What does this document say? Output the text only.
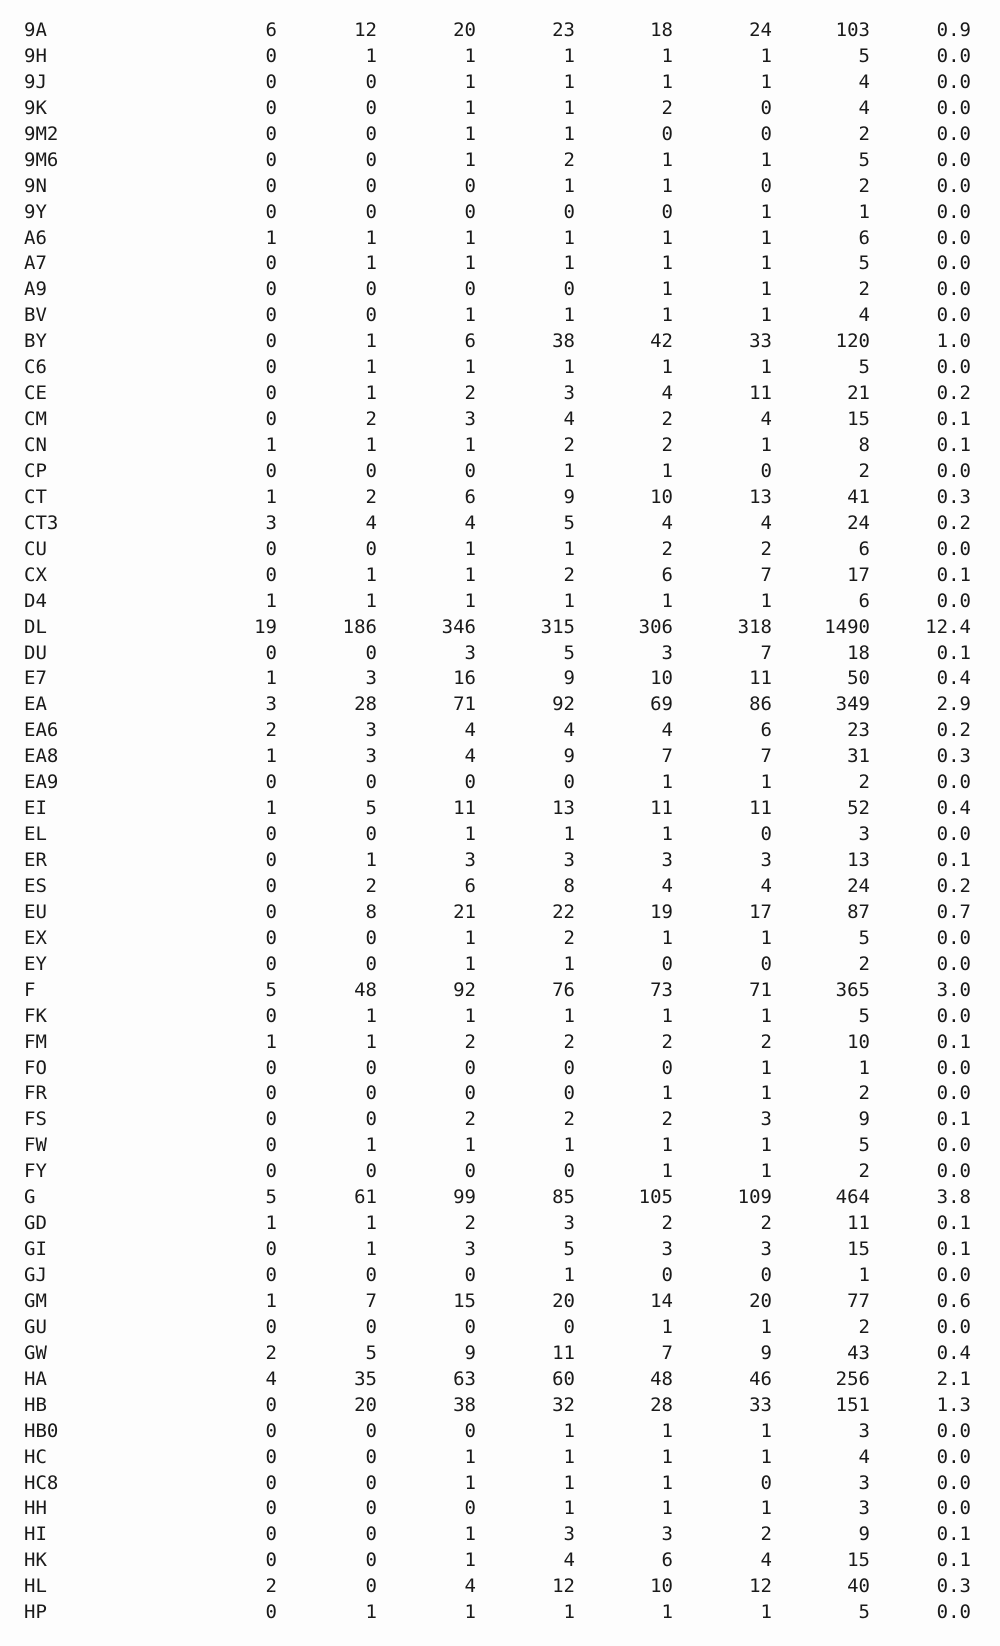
	9A	6	12	20	23	18	24	103	0.9
	9H	0	1	1	1	1	1	5	0.0
	9J	0	0	1	1	1	1	4	0.0
	9K	0	0	1	1	2	0	4	0.0
	9M2	0	0	1	1	0	0	2	0.0
	9M6	0	0	1	2	1	1	5	0.0
	9N	0	0	0	1	1	0	2	0.0
	9Y	0	0	0	0	0	1	1	0.0
	A6	1	1	1	1	1	1	6	0.0
	A7	0	1	1	1	1	1	5	0.0
	A9	0	0	0	0	1	1	2	0.0
	BV	0	0	1	1	1	1	4	0.0
	BY	0	1	6	38	42	33	120	1.0
	C6	0	1	1	1	1	1	5	0.0
	CE	0	1	2	3	4	11	21	0.2
	CM	0	2	3	4	2	4	15	0.1
	CN	1	1	1	2	2	1	8	0.1
	CP	0	0	0	1	1	0	2	0.0
	CT	1	2	6	9	10	13	41	0.3
	CT3	3	4	4	5	4	4	24	0.2
	CU	0	0	1	1	2	2	6	0.0
	CX	0	1	1	2	6	7	17	0.1
	D4	1	1	1	1	1	1	6	0.0
	DL	19	186	346	315	306	318	1490	12.4
	DU	0	0	3	5	3	7	18	0.1
	E7	1	3	16	9	10	11	50	0.4
	EA	3	28	71	92	69	86	349	2.9
	EA6	2	3	4	4	4	6	23	0.2
	EA8	1	3	4	9	7	7	31	0.3
	EA9	0	0	0	0	1	1	2	0.0
	EI	1	5	11	13	11	11	52	0.4
	EL	0	0	1	1	1	0	3	0.0
	ER	0	1	3	3	3	3	13	0.1
	ES	0	2	6	8	4	4	24	0.2
	EU	0	8	21	22	19	17	87	0.7
	EX	0	0	1	2	1	1	5	0.0
	EY	0	0	1	1	0	0	2	0.0
	F	5	48	92	76	73	71	365	3.0
	FK	0	1	1	1	1	1	5	0.0
	FM	1	1	2	2	2	2	10	0.1
	FO	0	0	0	0	0	1	1	0.0
	FR	0	0	0	0	1	1	2	0.0
	FS	0	0	2	2	2	3	9	0.1
	FW	0	1	1	1	1	1	5	0.0
	FY	0	0	0	0	1	1	2	0.0
	G	5	61	99	85	105	109	464	3.8
	GD	1	1	2	3	2	2	11	0.1
	GI	0	1	3	5	3	3	15	0.1
	GJ	0	0	0	1	0	0	1	0.0
	GM	1	7	15	20	14	20	77	0.6
	GU	0	0	0	0	1	1	2	0.0
	GW	2	5	9	11	7	9	43	0.4
	HA	4	35	63	60	48	46	256	2.1
	HB	0	20	38	32	28	33	151	1.3
	HB0	0	0	0	1	1	1	3	0.0
	HC	0	0	1	1	1	1	4	0.0
	HC8	0	0	1	1	1	0	3	0.0
	HH	0	0	0	1	1	1	3	0.0
	HI	0	0	1	3	3	2	9	0.1
	HK	0	0	1	4	6	4	15	0.1
	HL	2	0	4	12	10	12	40	0.3
	HP	0	1	1	1	1	1	5	0.0
